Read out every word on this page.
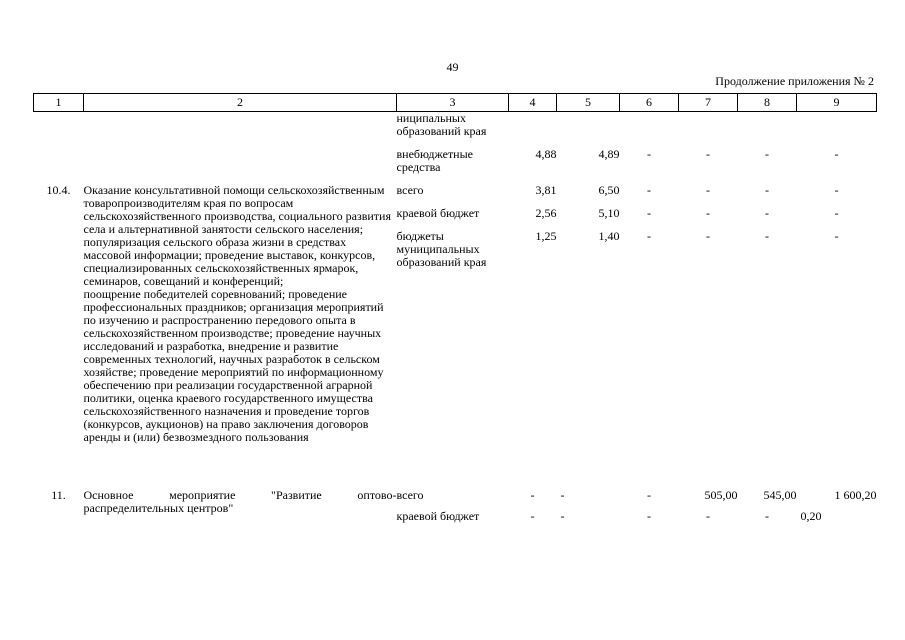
49
Продолжение приложения № 2
1	2	3	4	5	6	7	8	9
		ниципальных образований края						

		внебюджетные средства	4,88	4,89	-	-	-	-

10.4.	Оказание консультативной помощи сельскохозяйственным товаропроизводителям края по вопросам сельскохозяйственного производства, социального развития села и альтернативной занятости сельского населения; популяризация сельского образа жизни в средствах массовой информации; проведение выставок, конкурсов, специализированных сельскохозяйственных ярмарок, семинаров, совещаний и конференций;
поощрение победителей соревнований; проведение профессиональных праздников; организация мероприятий по изучению и распространению передового опыта в сельскохозяйственном производстве; проведение научных исследований и разработка, внедрение и развитие современных технологий, научных разработок в сельском хозяйстве; проведение мероприятий по информационному обеспечению при реализации государственной аграрной политики, оценка краевого государственного имущества сельскохозяйственного назначения и проведение торгов (конкурсов, аукционов) на право заключения договоров аренды и (или) безвозмездного пользования	всего	3,81	6,50	-	-	-	-

		краевой бюджет	2,56	5,10	-	-	-	-

		бюджеты муниципальных образований края	1,25	1,40	-	-	-	-

11.	Основное мероприятие "Развитие оптово-распределительных центров"	всего	-	-	-	505,00	545,00	1 600,20

		краевой бюджет	-	-	-	-	-	0,20
